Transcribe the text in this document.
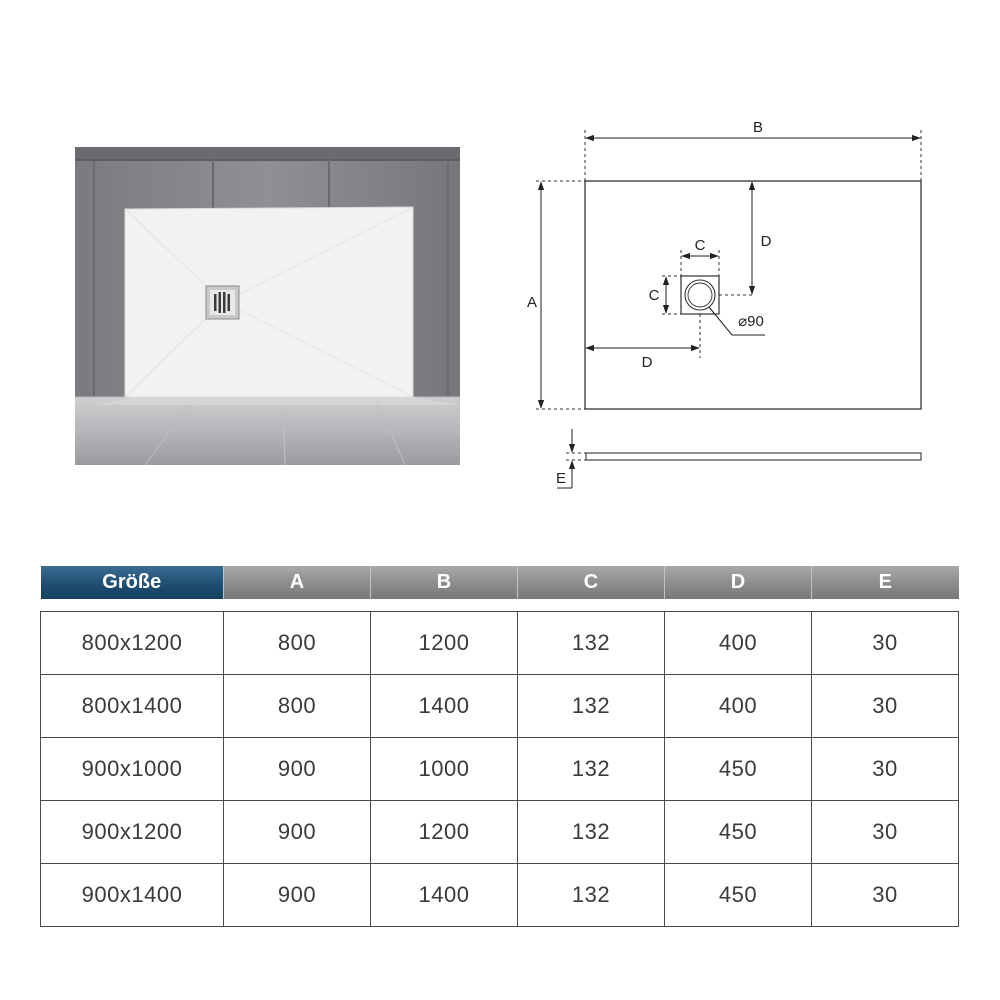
B
A
D
C
C
⌀90
D
E
Größe	A	B	C	D	E

800x1200	800	1200	132	400	30
800x1400	800	1400	132	400	30
900x1000	900	1000	132	450	30
900x1200	900	1200	132	450	30
900x1400	900	1400	132	450	30
